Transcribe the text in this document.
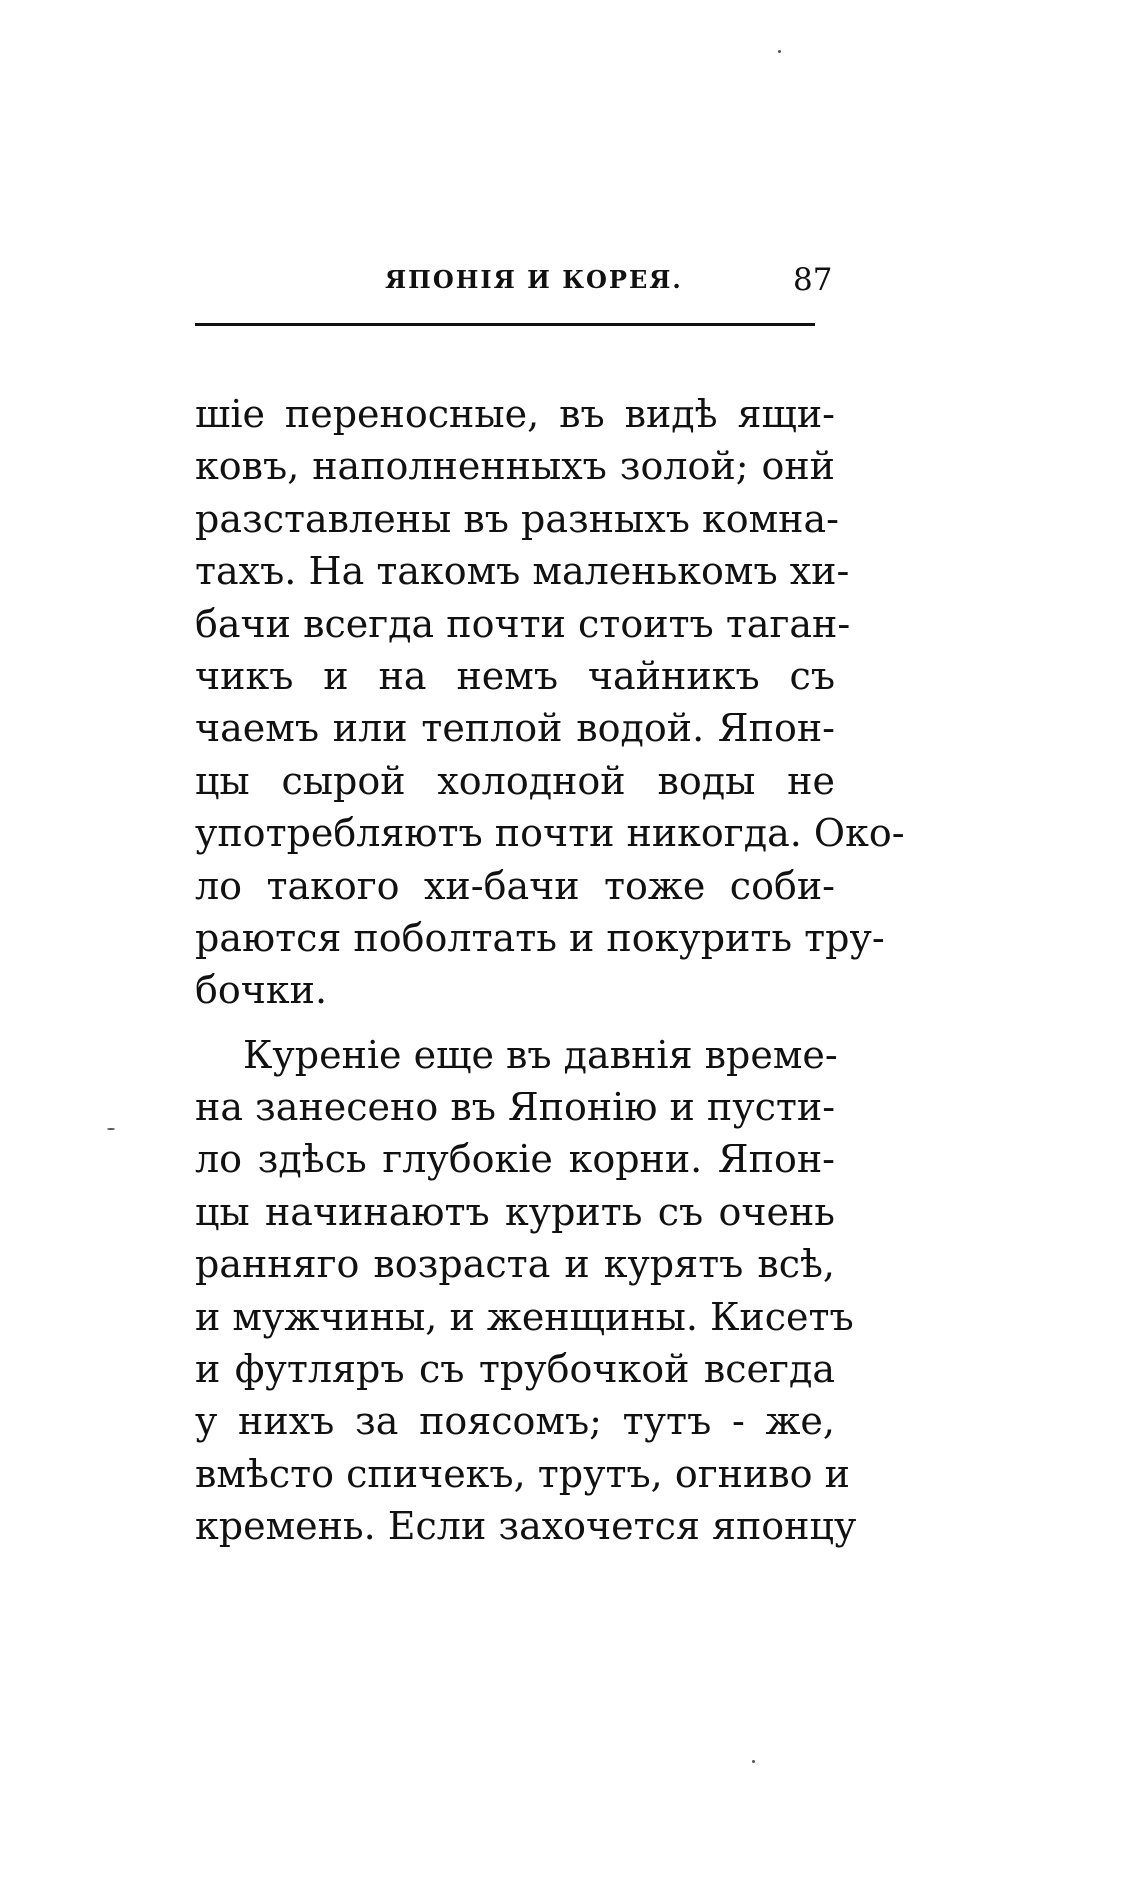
ЯПОНІЯ И КОРЕЯ.	87
шіе переносные, въ видѣ ящи-
ковъ, наполненныхъ золой; онй
разставлены въ разныхъ комна-
тахъ. На такомъ маленькомъ хи-
бачи всегда почти стоитъ таган-
чикъ и на немъ чайникъ съ
чаемъ или теплой водой. Япон-
цы сырой холодной воды не
употребляютъ почти никогда. Око-
ло такого хи-бачи тоже соби-
раются поболтать и покурить тру-
бочки.
Куреніе еще въ давнія време-
на занесено въ Японію и пусти-
ло здѣсь глубокіе корни. Япон-
цы начинаютъ курить съ очень
ранняго возраста и курятъ всѣ,
и мужчины, и женщины. Кисетъ
и футляръ съ трубочкой всегда
у нихъ за поясомъ; тутъ - же,
вмѣсто спичекъ, трутъ, огниво и
кремень. Если захочется японцу
